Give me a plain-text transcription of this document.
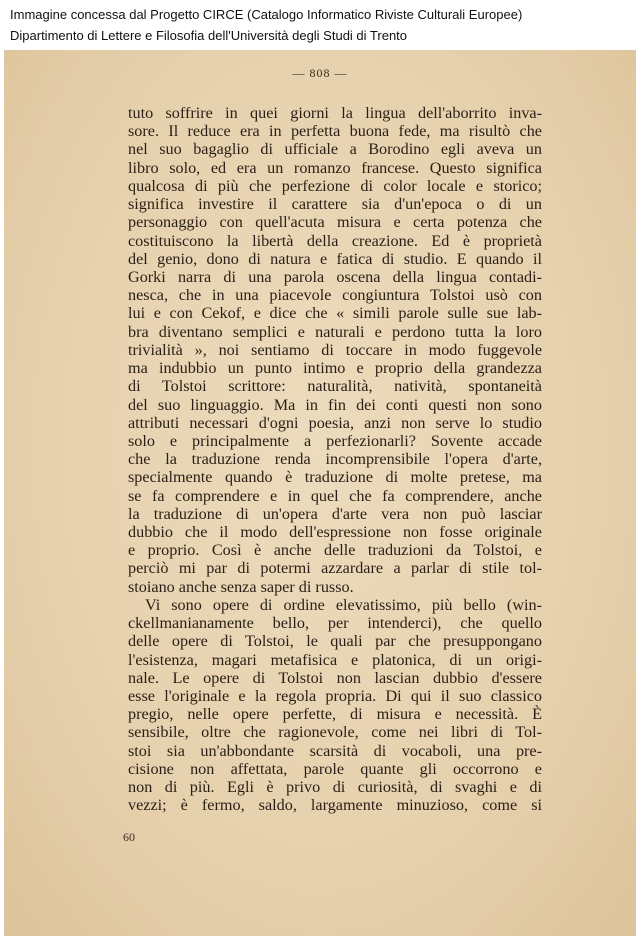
Immagine concessa dal Progetto CIRCE (Catalogo Informatico Riviste Culturali Europee)
Dipartimento di Lettere e Filosofia dell'Università degli Studi di Trento
— 808 —
tuto soffrire in quei giorni la lingua dell'aborrito inva-
sore. Il reduce era in perfetta buona fede, ma risultò che
nel suo bagaglio di ufficiale a Borodino egli aveva un
libro solo, ed era un romanzo francese. Questo significa
qualcosa di più che perfezione di color locale e storico;
significa investire il carattere sia d'un'epoca o di un
personaggio con quell'acuta misura e certa potenza che
costituiscono la libertà della creazione. Ed è proprietà
del genio, dono di natura e fatica di studio. E quando il
Gorki narra di una parola oscena della lingua contadi-
nesca, che in una piacevole congiuntura Tolstoi usò con
lui e con Cekof, e dice che « simili parole sulle sue lab-
bra diventano semplici e naturali e perdono tutta la loro
trivialità », noi sentiamo di toccare in modo fuggevole
ma indubbio un punto intimo e proprio della grandezza
di Tolstoi scrittore: naturalità, natività, spontaneità
del suo linguaggio. Ma in fin dei conti questi non sono
attributi necessari d'ogni poesia, anzi non serve lo studio
solo e principalmente a perfezionarli? Sovente accade
che la traduzione renda incomprensibile l'opera d'arte,
specialmente quando è traduzione di molte pretese, ma
se fa comprendere e in quel che fa comprendere, anche
la traduzione di un'opera d'arte vera non può lasciar
dubbio che il modo dell'espressione non fosse originale
e proprio. Così è anche delle traduzioni da Tolstoi, e
perciò mi par di potermi azzardare a parlar di stile tol-
stoiano anche senza saper di russo.
Vi sono opere di ordine elevatissimo, più bello (win-
ckellmanianamente bello, per intenderci), che quello
delle opere di Tolstoi, le quali par che presuppongano
l'esistenza, magari metafisica e platonica, di un origi-
nale. Le opere di Tolstoi non lascian dubbio d'essere
esse l'originale e la regola propria. Di qui il suo classico
pregio, nelle opere perfette, di misura e necessità. È
sensibile, oltre che ragionevole, come nei libri di Tol-
stoi sia un'abbondante scarsità di vocaboli, una pre-
cisione non affettata, parole quante gli occorrono e
non di più. Egli è privo di curiosità, di svaghi e di
vezzi; è fermo, saldo, largamente minuzioso, come si
60
